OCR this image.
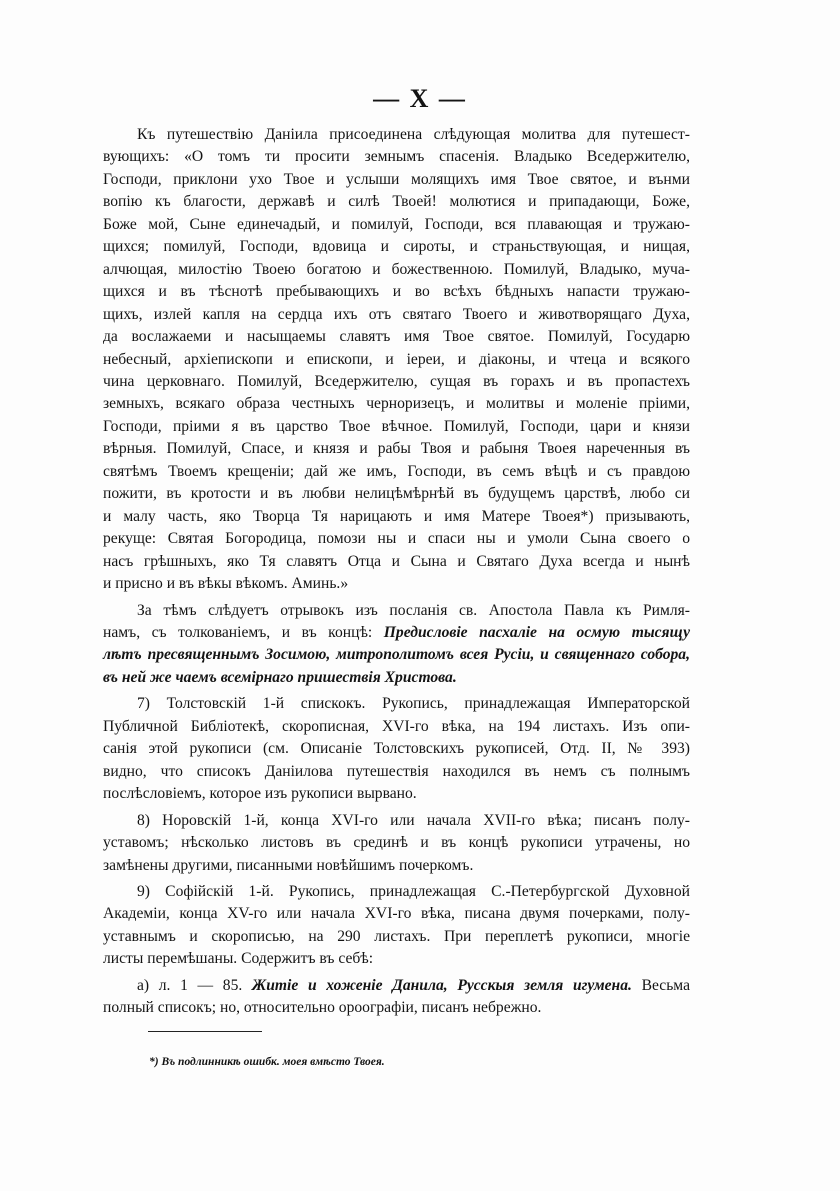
— X —
Къ путешествію Даніила присоединена слѣдующая молитва для путешест-
вующихъ: «О томъ ти просити земнымъ спасенія. Владыко Вседержителю,
Господи, приклони ухо Твое и услыши молящихъ имя Твое святое, и вънми
вопію къ благости, державѣ и силѣ Твоей! молютися и припадающи, Боже,
Боже мой, Сыне единечадый, и помилуй, Господи, вся плавающая и тружаю-
щихся; помилуй, Господи, вдовица и сироты, и страньствующая, и нищая,
алчющая, милостію Твоею богатою и божественною. Помилуй, Владыко, муча-
щихся и въ тѣснотѣ пребывающихъ и во всѣхъ бѣдныхъ напасти тружаю-
щихъ, излей капля на сердца ихъ отъ святаго Твоего и животворящаго Духа,
да вослажаеми и насыщаемы славятъ имя Твое святое. Помилуй, Государю
небесный, архіепископи и епископи, и іереи, и діаконы, и чтеца и всякого
чина церковнаго. Помилуй, Вседержителю, сущая въ горахъ и въ пропастехъ
земныхъ, всякаго образа честныхъ черноризецъ, и молитвы и моленіе пріими,
Господи, пріими я въ царство Твое вѣчное. Помилуй, Господи, цари и князи
вѣрныя. Помилуй, Спасе, и князя и рабы Твоя и рабыня Твоея нареченныя въ
святѣмъ Твоемъ крещеніи; дай же имъ, Господи, въ семъ вѣцѣ и съ правдою
пожити, въ кротости и въ любви нелицѣмѣрнѣй въ будущемъ царствѣ, любо си
и малу часть, яко Творца Тя нарицають и имя Матере Твоея*) призывають,
рекуще: Святая Богородица, помози ны и спаси ны и умоли Сына своего о
насъ грѣшныхъ, яко Тя славятъ Отца и Сына и Святаго Духа всегда и нынѣ
и присно и въ вѣкы вѣкомъ. Аминь.»
За тѣмъ слѣдуетъ отрывокъ изъ посланія св. Апостола Павла къ Римля-
намъ, съ толкованіемъ, и въ концѣ: Предисловіе пасхаліе на осмую тысящу
лѣтъ пресвященнымъ Зосимою, митрополитомъ всея Русіи, и священнаго собора,
въ ней же чаемъ всемірнаго пришествія Христова.
7) Толстовскій 1-й спискокъ. Рукопись, принадлежащая Императорской
Публичной Библіотекѣ, скорописная, XVI-го вѣка, на 194 листахъ. Изъ опи-
санія этой рукописи (см. Описаніе Толстовскихъ рукописей, Отд. II, № 393)
видно, что списокъ Даніилова путешествія находился въ немъ съ полнымъ
послѣсловіемъ, которое изъ рукописи вырвано.
8) Норовскій 1-й, конца XVI-го или начала XVII-го вѣка; писанъ полу-
уставомъ; нѣсколько листовъ въ срединѣ и въ концѣ рукописи утрачены, но
замѣнены другими, писанными новѣйшимъ почеркомъ.
9) Софійскій 1-й. Рукопись, принадлежащая С.-Петербургской Духовной
Академіи, конца XV-го или начала XVI-го вѣка, писана двумя почерками, полу-
уставнымъ и скорописью, на 290 листахъ. При переплетѣ рукописи, многіе
листы перемѣшаны. Содержитъ въ себѣ:
а) л. 1 — 85. Житіе и хоженіе Данила, Русскыя земля игумена. Весьма
полный списокъ; но, относительно ороографіи, писанъ небрежно.
*) Въ подлинникѣ ошибк. моея вмѣсто Твоея.
